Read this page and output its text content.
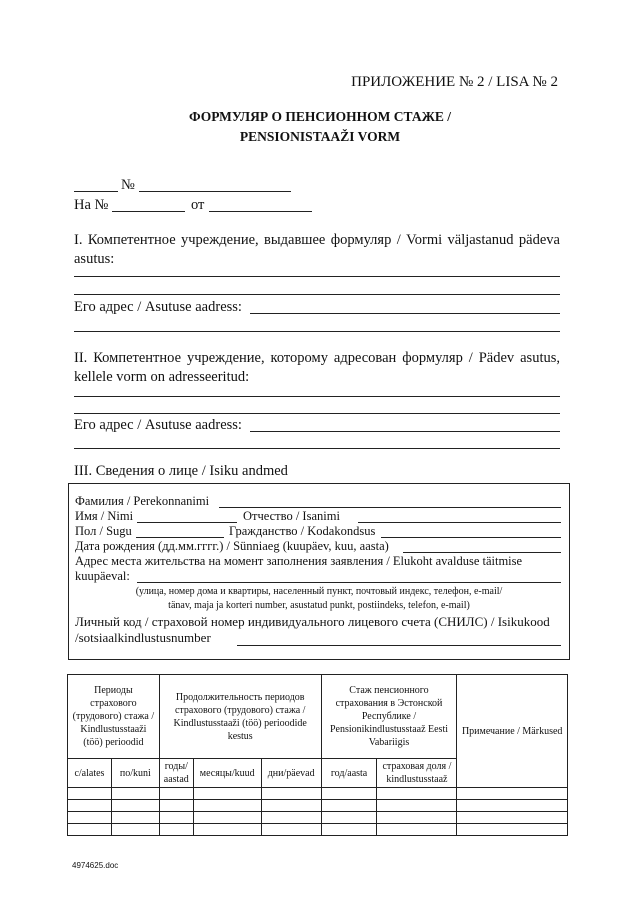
ПРИЛОЖЕНИЕ № 2 / LISA № 2
ФОРМУЛЯР О ПЕНСИОННОМ СТАЖЕ /
PENSIONISTAAŽI VORM
№
На №	от
I. Компетентное учреждение, выдавшее формуляр / Vormi väljastanud pädeva asutus:
Его адрес / Asutuse aadress:
II. Компетентное учреждение, которому адресован формуляр / Pädev asutus, kellele vorm on adresseeritud:
Его адрес / Asutuse aadress:
III. Сведения о лице / Isiku andmed
Фамилия / Perekonnanimi
Имя / Nimi	Отчество / Isanimi
Пол / Sugu	Гражданство / Kodakondsus
Дата рождения (дд.мм.гггг.) / Sünniaeg (kuupäev, kuu, aasta)
Адрес места жительства на момент заполнения заявления / Elukoht avalduse täitmise
kuupäeval:
(улица, номер дома и квартиры, населенный пункт, почтовый индекс, телефон, e-mail/
tänav, maja ja korteri number, asustatud punkt, postiindeks, telefon, e-mail)
Личный код / страховой номер индивидуального лицевого счета (СНИЛС) / Isikukood
/sotsiaalkindlustusnumber
Периоды страхового (трудового) стажа / Kindlustusstaaži (töö) perioodid		Продолжительность периодов страхового (трудового) стажа / Kindlustusstaaži (töö) perioodide kestus			Стаж пенсионного страхования в Эстонской Республике / Pensionikindlustusstaaž Eesti Vabariigis		Примечание / Märkused
c/alates	по/kuni	годы/ aastad	месяцы/kuud	дни/päevad	год/aasta	страховая доля / kindlustusstaaž	

4974625.doc
